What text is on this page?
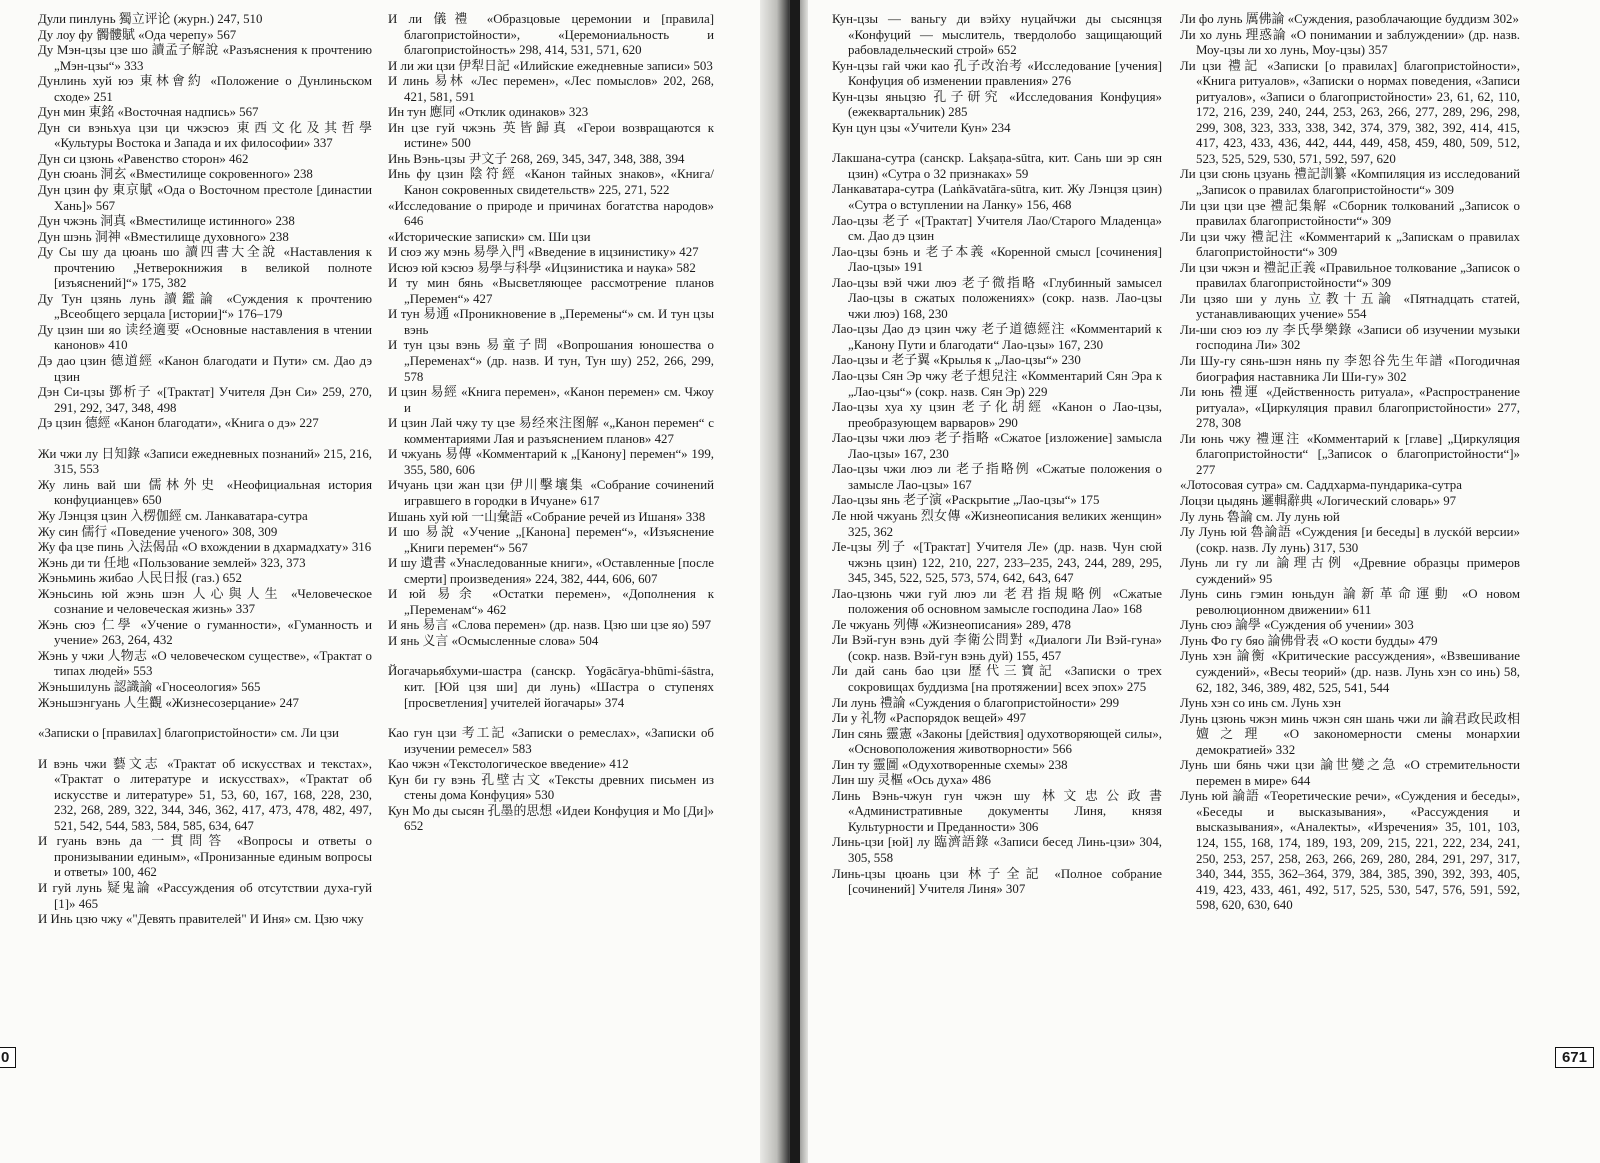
Дули пинлунь 獨立评论 (журн.) 247, 510

Ду лоу фу 髑髏賦 «Ода черепу» 567

Ду Мэн-цзы цзе шо 讀孟子解說 «Разъяснения к прочтению „Мэн-цзы“» 333

Дунлинь хуй юэ 東林會約 «Положение о Дунлиньском сходе» 251

Дун мин 東銘 «Восточная надпись» 567

Дун си вэньхуа цзи ци чжэсюэ 東西文化及其哲學 «Культуры Востока и Запада и их философии» 337

Дун си цзюнь «Равенство сторон» 462

Дун сюань 洞玄 «Вместилище сокровенного» 238

Дун цзин фу 東京賦 «Ода о Восточном престоле [династии Хань]» 567

Дун чжэнь 洞真 «Вместилище истинного» 238

Дун шэнь 洞神 «Вместилище духовного» 238

Ду Сы шу да цюань шо 讀四書大全說 «Наставления к прочтению „Четверокнижия в великой полноте [изъяснений]“» 175, 382

Ду Тун цзянь лунь 讀鑑論 «Суждения к прочтению „Всеобщего зерцала [истории]“» 176–179

Ду цзин ши яо 读经適要 «Основные наставления в чтении канонов» 410

Дэ дао цзин 德道經 «Канон благодати и Пути» см. Дао дэ цзин

Дэн Си-цзы 鄧析子 «[Трактат] Учителя Дэн Си» 259, 270, 291, 292, 347, 348, 498

Дэ цзин 德經 «Канон благодати», «Книга о дэ» 227

Жи чжи лу 日知錄 «Записи ежедневных познаний» 215, 216, 315, 553

Жу линь вай ши 儒林外史 «Неофициальная история конфуцианцев» 650

Жу Лэнцзя цзин 入楞伽經 см. Ланкаватара-сутра

Жу син 儒行 «Поведение ученого» 308, 309

Жу фа цзе пинь 入法偈品 «О вхождении в дхармадхату» 316

Жэнь ди ти 任地 «Пользование землей» 323, 373

Жэньминь жибао 人民日报 (газ.) 652

Жэньсинь юй жэнь шэн 人心與人生 «Человеческое сознание и человеческая жизнь» 337

Жэнь сюэ 仁學 «Учение о гуманности», «Гуманность и учение» 263, 264, 432

Жэнь у чжи 人物志 «О человеческом существе», «Трактат о типах людей» 553

Жэньшилунь 認識論 «Гносеология» 565

Жэньшэнгуань 人生觀 «Жизнесозерцание» 247

«Записки о [правилах] благопристойности» см. Ли цзи

И вэнь чжи 藝文志 «Трактат об искусствах и текстах», «Трактат о литературе и искусствах», «Трактат об искусстве и литературе» 51, 53, 60, 167, 168, 228, 230, 232, 268, 289, 322, 344, 346, 362, 417, 473, 478, 482, 497, 521, 542, 544, 583, 584, 585, 634, 647

И гуань вэнь да 一貫問答 «Вопросы и ответы о пронизывании единым», «Пронизанные единым вопросы и ответы» 100, 462

И гуй лунь 疑鬼論 «Рассуждения об отсутствии духа-гуй [1]» 465

И Инь цзю чжу «"Девять правителей" И Иня» см. Цзю чжу

И ли 儀禮 «Образцовые церемонии и [правила] благопристойности», «Церемониальность и благопристойность» 298, 414, 531, 571, 620

И ли жи цзи 伊犁日記 «Илийские ежедневные записи» 503

И линь 易林 «Лес перемен», «Лес помыслов» 202, 268, 421, 581, 591

Ин тун 應同 «Отклик одинаков» 323

Ин цзе гуй чжэнь 英皆歸真 «Герои возвращаются к истине» 500

Инь Вэнь-цзы 尹文子 268, 269, 345, 347, 348, 388, 394

Инь фу цзин 陰符經 «Канон тайных знаков», «Книга/Канон сокровенных свидетельств» 225, 271, 522

«Исследование о природе и причинах богатства народов» 646

«Исторические записки» см. Ши цзи

И сюэ жу мэнь 易學入門 «Введение в ицзинистику» 427

Исюэ юй кэсюэ 易學与科學 «Ицзинистика и наука» 582

И ту мин бянь «Высветляющее рассмотрение планов „Перемен“» 427

И тун 易通 «Проникновение в „Перемены“» см. И тун цзы вэнь

И тун цзы вэнь 易童子問 «Вопрошания юношества о „Переменах“» (др. назв. И тун, Тун шу) 252, 266, 299, 578

И цзин 易經 «Книга перемен», «Канон перемен» см. Чжоу и

И цзин Лай чжу ту цзе 易经來注图解 «„Канон перемен“ с комментариями Лая и разъяснением планов» 427

И чжуань 易傳 «Комментарий к „[Канону] перемен“» 199, 355, 580, 606

Ичуань цзи жан цзи 伊川擊壤集 «Собрание сочинений игравшего в городки в Ичуане» 617

Ишань хуй юй 一山彙語 «Собрание речей из Ишаня» 338

И шо 易說 «Учение „[Канона] перемен“», «Изъяснение „Книги перемен“» 567

И шу 遺書 «Унаследованные книги», «Оставленные [после смерти] произведения» 224, 382, 444, 606, 607

И юй 易余 «Остатки перемен», «Дополнения к „Переменам“» 462

И янь 易言 «Слова перемен» (др. назв. Цзю ши цзе яо) 597

И янь 义言 «Осмысленные слова» 504

Йогачарьябхуми-шастра (санскр. Yogācārya-bhūmi-śāstra, кит. [Юй цзя ши] ди лунь) «Шастра о ступенях [просветления] учителей йогачары» 374

Као гун цзи 考工記 «Записки о ремеслах», «Записки об изучении ремесел» 583

Као чжэн «Текстологическое введение» 412

Кун би гу вэнь 孔壁古文 «Тексты древних письмен из стены дома Конфуция» 530

Кун Мо ды сысян 孔墨的思想 «Идеи Конфуция и Мо [Ди]» 652

0

Кун-цзы — ваньгу ди вэйху нуцайчжи ды сысянцзя «Конфуций — мыслитель, твердолобо защищающий рабовладельческий строй» 652

Кун-цзы гай чжи као 孔子改治考 «Исследование [учения] Конфуция об изменении правления» 276

Кун-цзы яньцзю 孔子研究 «Исследования Конфуция» (ежеквартальник) 285

Кун цун цзы «Учители Кун» 234

Лакшана-сутра (санскр. Lakṣaṇa-sūtra, кит. Сань ши эр сян цзин) «Сутра о 32 признаках» 59

Ланкаватара-сутра (Laṅkāvatāra-sūtra, кит. Жу Лэнцзя цзин) «Сутра о вступлении на Ланку» 156, 468

Лао-цзы 老子 «[Трактат] Учителя Лао/Старого Младенца» см. Дао дэ цзин

Лао-цзы бэнь и 老子本義 «Коренной смысл [сочинения] Лао-цзы» 191

Лао-цзы вэй чжи люэ 老子微指略 «Глубинный замысел Лао-цзы в сжатых положениях» (сокр. назв. Лао-цзы чжи люэ) 168, 230

Лао-цзы Дао дэ цзин чжу 老子道德經注 «Комментарий к „Канону Пути и благодати“ Лао-цзы» 167, 230

Лао-цзы и 老子翼 «Крылья к „Лао-цзы“» 230

Лао-цзы Сян Эр чжу 老子想兒注 «Комментарий Сян Эра к „Лао-цзы“» (сокр. назв. Сян Эр) 229

Лао-цзы хуа ху цзин 老子化胡經 «Канон о Лао-цзы, преобразующем варваров» 290

Лао-цзы чжи люэ 老子指略 «Сжатое [изложение] замысла Лао-цзы» 167, 230

Лао-цзы чжи люэ ли 老子指略例 «Сжатые положения о замысле Лао-цзы» 167

Лао-цзы янь 老子演 «Раскрытие „Лао-цзы“» 175

Ле нюй чжуань 烈女傳 «Жизнеописания великих женщин» 325, 362

Ле-цзы 列子 «[Трактат] Учителя Ле» (др. назв. Чун сюй чжэнь цзин) 122, 210, 227, 233–235, 243, 244, 289, 295, 345, 345, 522, 525, 573, 574, 642, 643, 647

Лао-цзюнь чжи гуй люэ ли 老君指規略例 «Сжатые положения об основном замысле господина Лао» 168

Ле чжуань 列傳 «Жизнеописания» 289, 478

Ли Вэй-гун вэнь дуй 李衛公問對 «Диалоги Ли Вэй-гуна» (сокр. назв. Вэй-гун вэнь дуй) 155, 457

Ли дай сань бао цзи 歷代三寶記 «Записки о трех сокровищах буддизма [на протяжении] всех эпох» 275

Ли лунь 禮論 «Суждения о благопристойности» 299

Ли у 礼物 «Распорядок вещей» 497

Лин сянь 靈憲 «Законы [действия] одухотворяющей силы», «Основоположения животворности» 566

Лин ту 靈圖 «Одухотворенные схемы» 238

Лин шу 灵樞 «Ось духа» 486

Линь Вэнь-чжун гун чжэн шу 林文忠公政書 «Административные документы Линя, князя Культурности и Преданности» 306

Линь-цзи [юй] лу 臨濟語錄 «Записи бесед Линь-цзи» 304, 305, 558

Линь-цзы цюань цзи 林子全記 «Полное собрание [сочинений] Учителя Линя» 307

Ли фо лунь 厲佛論 «Суждения, разоблачающие буддизм 302»

Ли хо лунь 理惑論 «О понимании и заблуждении» (др. назв. Моу-цзы ли хо лунь, Моу-цзы) 357

Ли цзи 禮記 «Записки [о правилах] благопристойности», «Книга ритуалов», «Записки о нормах поведения, «Записи ритуалов», «Записи о благопристойности» 23, 61, 62, 110, 172, 216, 239, 240, 244, 253, 263, 266, 277, 289, 296, 298, 299, 308, 323, 333, 338, 342, 374, 379, 382, 392, 414, 415, 417, 423, 433, 436, 442, 444, 449, 458, 459, 480, 509, 512, 523, 525, 529, 530, 571, 592, 597, 620

Ли цзи сюнь цзуань 禮記訓纂 «Компиляция из исследований „Записок о правилах благопристойности“» 309

Ли цзи цзи цзе 禮記集解 «Сборник толкований „Записок о правилах благопристойности“» 309

Ли цзи чжу 禮記注 «Комментарий к „Запискам о правилах благопристойности“» 309

Ли цзи чжэн и 禮記正義 «Правильное толкование „Записок о правилах благопристойности“» 309

Ли цзяо ши у лунь 立教十五論 «Пятнадцать статей, устанавливающих учение» 554

Ли-ши сюэ юэ лу 李氏學樂錄 «Записи об изучении музыки господина Ли» 302

Ли Шу-гу сянь-шэн нянь пу 李恕谷先生年譜 «Погодичная биография наставника Ли Ши-гу» 302

Ли юнь 禮運 «Действенность ритуала», «Распространение ритуала», «Циркуляция правил благопристойности» 277, 278, 308

Ли юнь чжу 禮運注 «Комментарий к [главе] „Циркуляция благопристойности“ [„Записок о благопристойности“]» 277

«Лотосовая сутра» см. Саддхарма-пундарика-сутра

Лоцзи цыдянь 邏輯辭典 «Логический словарь» 97

Лу лунь 魯論 см. Лу лунь юй

Лу Лунь юй 魯論語 «Суждения [и беседы] в лускóй версии» (сокр. назв. Лу лунь) 317, 530

Лунь ли гу ли 論理古例 «Древние образцы примеров суждений» 95

Лунь синь гэмин юньдун 論新革命運動 «О новом революционном движении» 611

Лунь сюэ 論學 «Суждения об учении» 303

Лунь Фо гу бяо 論佛骨表 «О кости будды» 479

Лунь хэн 論衡 «Критические рассуждения», «Взвешивание суждений», «Весы теорий» (др. назв. Лунь хэн со инь) 58, 62, 182, 346, 389, 482, 525, 541, 544

Лунь хэн со инь см. Лунь хэн

Лунь цзюнь чжэн минь чжэн сян шань чжи ли 論君政民政相嬗之理 «О закономерности смены монархии демократией» 332

Лунь ши бянь чжи цзи 論世變之急 «О стремительности перемен в мире» 644

Лунь юй 論語 «Теоретические речи», «Суждения и беседы», «Беседы и высказывания», «Рассуждения и высказывания», «Аналекты», «Изречения» 35, 101, 103, 124, 155, 168, 174, 189, 193, 209, 215, 221, 222, 234, 241, 250, 253, 257, 258, 263, 266, 269, 280, 284, 291, 297, 317, 340, 344, 355, 362–364, 379, 384, 385, 390, 392, 393, 405, 419, 423, 433, 461, 492, 517, 525, 530, 547, 576, 591, 592, 598, 620, 630, 640

671
